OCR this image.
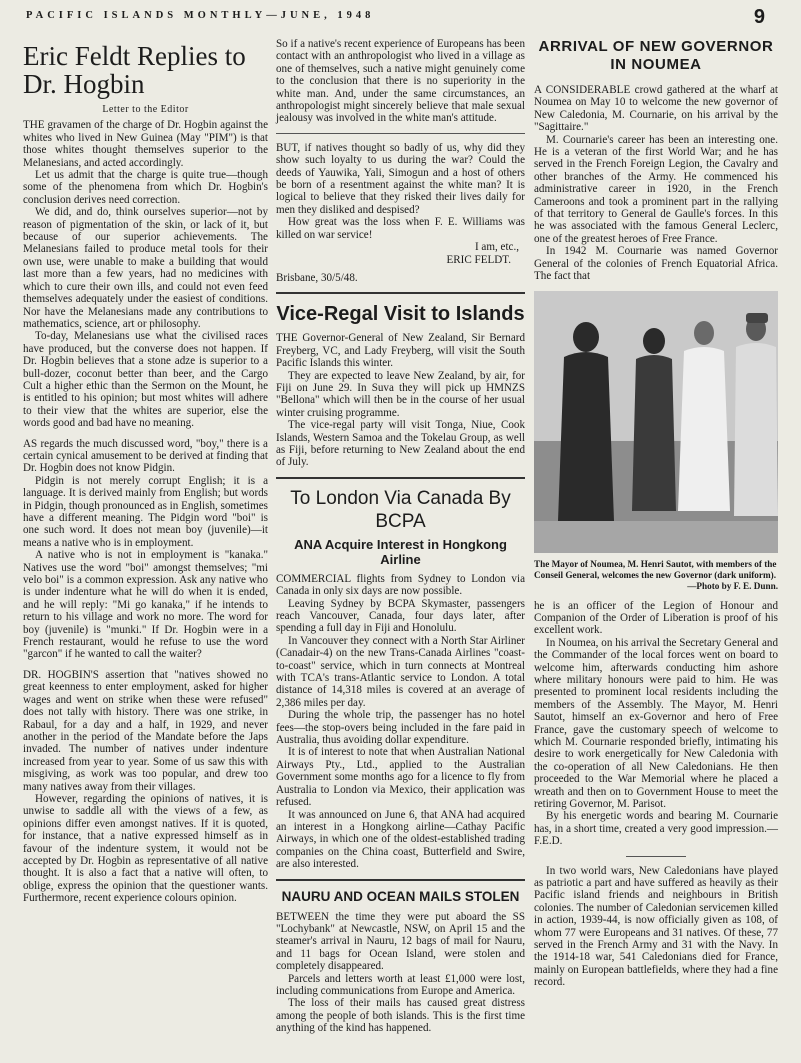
PACIFIC ISLANDS MONTHLY—JUNE, 1948	9
Eric Feldt Replies to Dr. Hogbin
Letter to the Editor

THE gravamen of the charge of Dr. Hogbin against the whites who lived in New Guinea (May "PIM") is that those whites thought themselves superior to the Melanesians, and acted accordingly.

Let us admit that the charge is quite true—though some of the phenomena from which Dr. Hogbin's conclusion derives need correction.

We did, and do, think ourselves superior—not by reason of pigmentation of the skin, or lack of it, but because of our superior achievements. The Melanesians failed to produce metal tools for their own use, were unable to make a building that would last more than a few years, had no medicines with which to cure their own ills, and could not even feed themselves adequately under the easiest of conditions. Nor have the Melanesians made any contributions to mathematics, science, art or philosophy.

To-day, Melanesians use what the civilised races have produced, but the converse does not happen. If Dr. Hogbin believes that a stone adze is superior to a bull-dozer, coconut better than beer, and the Cargo Cult a higher ethic than the Sermon on the Mount, he is entitled to his opinion; but most whites will adhere to their view that the whites are superior, else the words good and bad have no meaning.

AS regards the much discussed word, "boy," there is a certain cynical amusement to be derived at finding that Dr. Hogbin does not know Pidgin.

Pidgin is not merely corrupt English; it is a language. It is derived mainly from English; but words in Pidgin, though pronounced as in English, sometimes have a different meaning. The Pidgin word "boi" is one such word. It does not mean boy (juvenile)—it means a native who is in employment.

A native who is not in employment is "kanaka." Natives use the word "boi" amongst themselves; "mi velo boi" is a common expression. Ask any native who is under indenture what he will do when it is ended, and he will reply: "Mi go kanaka," if he intends to return to his village and work no more. The word for boy (juvenile) is "munki." If Dr. Hogbin were in a French restaurant, would he refuse to use the word "garcon" if he wanted to call the waiter?

DR. HOGBIN'S assertion that "natives showed no great keenness to enter employment, asked for higher wages and went on strike when these were refused" does not tally with history. There was one strike, in Rabaul, for a day and a half, in 1929, and never another in the period of the Mandate before the Japs invaded. The number of natives under indenture increased from year to year. Some of us saw this with misgiving, as work was too popular, and drew too many natives away from their villages.

However, regarding the opinions of natives, it is unwise to saddle all with the views of a few, as opinions differ even amongst natives. If it is quoted, for instance, that a native expressed himself as in favour of the indenture system, it would not be accepted by Dr. Hogbin as representative of all native thought. It is also a fact that a native will often, to oblige, express the opinion that the questioner wants. Furthermore, recent experience colours opinion.

So if a native's recent experience of Europeans has been contact with an anthropologist who lived in a village as one of themselves, such a native might genuinely come to the conclusion that there is no superiority in the white man. And, under the same circumstances, an anthropologist might sincerely believe that male sexual jealousy was involved in the white man's attitude.

BUT, if natives thought so badly of us, why did they show such loyalty to us during the war? Could the deeds of Yauwika, Yali, Simogun and a host of others be born of a resentment against the white man? It is logical to believe that they risked their lives daily for men they disliked and despised?

How great was the loss when F. E. Williams was killed on war service!

I am, etc.,

ERIC FELDT.

Brisbane, 30/5/48.

Vice-Regal Visit to Islands

THE Governor-General of New Zealand, Sir Bernard Freyberg, VC, and Lady Freyberg, will visit the South Pacific Islands this winter.

They are expected to leave New Zealand, by air, for Fiji on June 29. In Suva they will pick up HMNZS "Bellona" which will then be in the course of her usual winter cruising programme.

The vice-regal party will visit Tonga, Niue, Cook Islands, Western Samoa and the Tokelau Group, as well as Fiji, before returning to New Zealand about the end of July.

To London Via Canada By BCPA
ANA Acquire Interest in Hongkong Airline

COMMERCIAL flights from Sydney to London via Canada in only six days are now possible.

Leaving Sydney by BCPA Skymaster, passengers reach Vancouver, Canada, four days later, after spending a full day in Fiji and Honolulu.

In Vancouver they connect with a North Star Airliner (Canadair-4) on the new Trans-Canada Airlines "coast-to-coast" service, which in turn connects at Montreal with TCA's trans-Atlantic service to London. A total distance of 14,318 miles is covered at an average of 2,386 miles per day.

During the whole trip, the passenger has no hotel fees—the stop-overs being included in the fare paid in Australia, thus avoiding dollar expenditure.

It is of interest to note that when Australian National Airways Pty., Ltd., applied to the Australian Government some months ago for a licence to fly from Australia to London via Mexico, their application was refused.

It was announced on June 6, that ANA had acquired an interest in a Hongkong airline—Cathay Pacific Airways, in which one of the oldest-established trading companies on the China coast, Butterfield and Swire, are also interested.

NAURU AND OCEAN MAILS STOLEN

BETWEEN the time they were put aboard the SS "Lochybank" at Newcastle, NSW, on April 15 and the steamer's arrival in Nauru, 12 bags of mail for Nauru, and 11 bags for Ocean Island, were stolen and completely disappeared.

Parcels and letters worth at least £1,000 were lost, including communications from Europe and America.

The loss of their mails has caused great distress among the people of both islands. This is the first time anything of the kind has happened.

ARRIVAL OF NEW GOVERNOR IN NOUMEA

A CONSIDERABLE crowd gathered at the wharf at Noumea on May 10 to welcome the new governor of New Caledonia, M. Cournarie, on his arrival by the "Sagittaire."

M. Cournarie's career has been an interesting one. He is a veteran of the first World War; and he has served in the French Foreign Legion, the Cavalry and other branches of the Army. He commenced his administrative career in 1920, in the French Cameroons and took a prominent part in the rallying of that territory to General de Gaulle's forces. In this he was associated with the famous General Leclerc, one of the greatest heroes of Free France.

In 1942 M. Cournarie was named Governor General of the colonies of French Equatorial Africa. The fact that

The Mayor of Noumea, M. Henri Sautot, with members of the Conseil General, welcomes the new Governor (dark uniform).

—Photo by F. E. Dunn.

he is an officer of the Legion of Honour and Companion of the Order of Liberation is proof of his excellent work.

In Noumea, on his arrival the Secretary General and the Commander of the local forces went on board to welcome him, afterwards conducting him ashore where military honours were paid to him. He was presented to prominent local residents including the members of the Assembly. The Mayor, M. Henri Sautot, himself an ex-Governor and hero of Free France, gave the customary speech of welcome to which M. Cournarie responded briefly, intimating his desire to work energetically for New Caledonia with the co-operation of all New Caledonians. He then proceeded to the War Memorial where he placed a wreath and then on to Government House to meet the retiring Governor, M. Parisot.

By his energetic words and bearing M. Cournarie has, in a short time, created a very good impression.—F.E.D.

In two world wars, New Caledonians have played as patriotic a part and have suffered as heavily as their Pacific island friends and neighbours in British colonies. The number of Caledonian servicemen killed in action, 1939-44, is now officially given as 108, of whom 77 were Europeans and 31 natives. Of these, 77 served in the French Army and 31 with the Navy. In the 1914-18 war, 541 Caledonians died for France, mainly on European battlefields, where they had a fine record.
